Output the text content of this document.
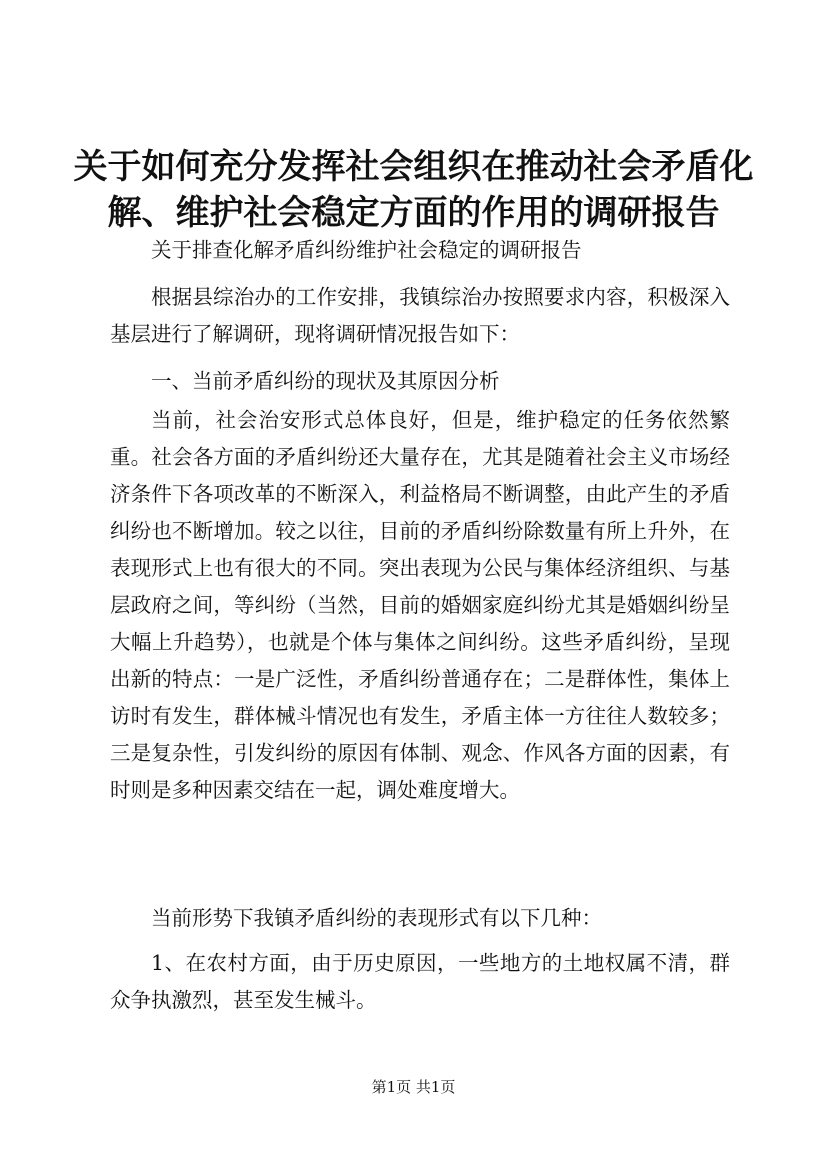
关于如何充分发挥社会组织在推动社会矛盾化
解、维护社会稳定方面的作用的调研报告
关于排查化解矛盾纠纷维护社会稳定的调研报告
根据县综治办的工作安排，我镇综治办按照要求内容，积极深入基层进行了解调研，现将调研情况报告如下：
一、当前矛盾纠纷的现状及其原因分析
当前，社会治安形式总体良好，但是，维护稳定的任务依然繁重。社会各方面的矛盾纠纷还大量存在，尤其是随着社会主义市场经济条件下各项改革的不断深入，利益格局不断调整，由此产生的矛盾纠纷也不断增加。较之以往，目前的矛盾纠纷除数量有所上升外，在表现形式上也有很大的不同。突出表现为公民与集体经济组织、与基层政府之间，等纠纷（当然，目前的婚姻家庭纠纷尤其是婚姻纠纷呈大幅上升趋势），也就是个体与集体之间纠纷。这些矛盾纠纷，呈现出新的特点：一是广泛性，矛盾纠纷普通存在；二是群体性，集体上访时有发生，群体械斗情况也有发生，矛盾主体一方往往人数较多；三是复杂性，引发纠纷的原因有体制、观念、作风各方面的因素，有时则是多种因素交结在一起，调处难度增大。
当前形势下我镇矛盾纠纷的表现形式有以下几种：
1、在农村方面，由于历史原因，一些地方的土地权属不清，群众争执激烈，甚至发生械斗。
第1页 共1页
